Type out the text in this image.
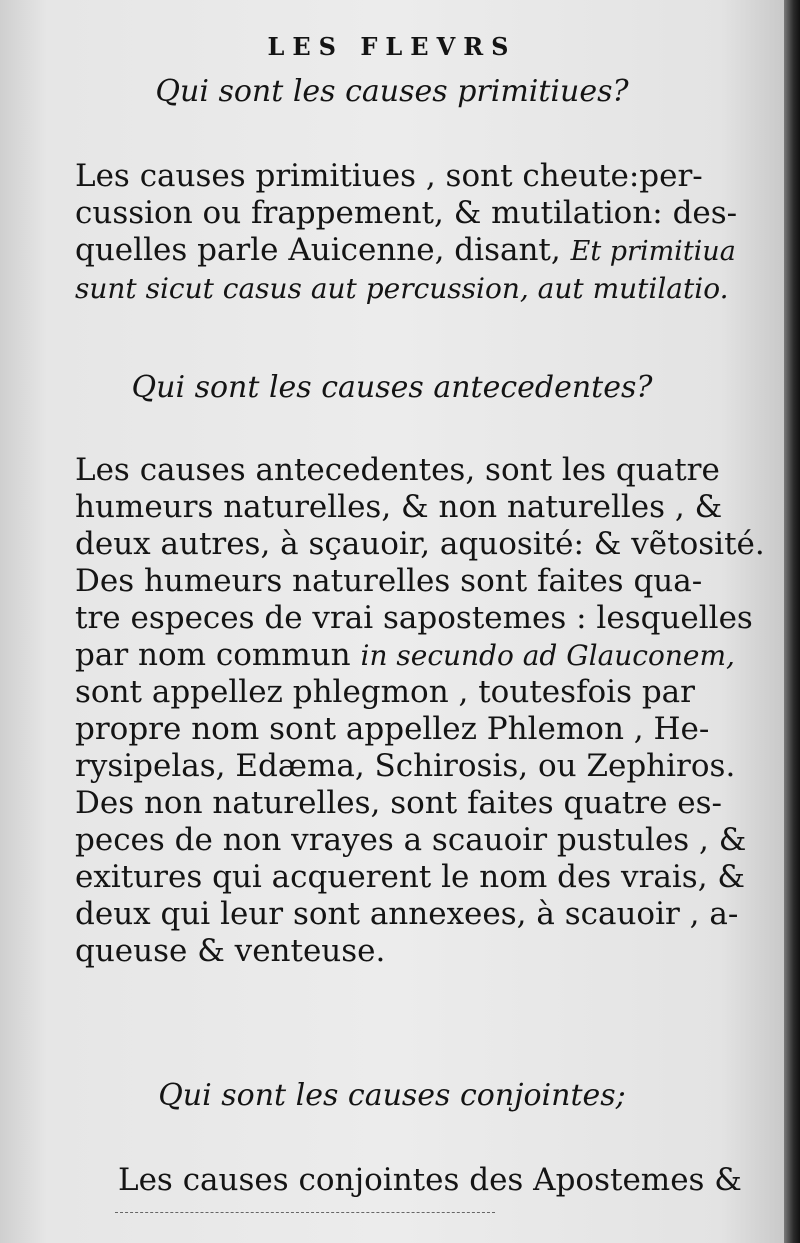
LES FLEVRS
Qui sont les causes primitiues?
Les causes primitiues , sont cheute:per-
cussion ou frappement, & mutilation: des-
quelles parle Auicenne, disant, Et primitiua
sunt sicut casus aut percussion, aut mutilatio.
Qui sont les causes antecedentes?
Les causes antecedentes, sont les quatre
humeurs naturelles, & non naturelles , &
deux autres, à sçauoir, aquosité: & vẽtosité.
Des humeurs naturelles sont faites qua-
tre especes de vrai sapostemes : lesquelles
par nom commun in secundo ad Glauconem,
sont appellez phlegmon , toutesfois par
propre nom sont appellez Phlemon , He-
rysipelas, Edæma, Schirosis, ou Zephiros.
Des non naturelles, sont faites quatre es-
peces de non vrayes a scauoir pustules , &
exitures qui acquerent le nom des vrais, &
deux qui leur sont annexees, à scauoir , a-
queuse & venteuse.
Qui sont les causes conjointes;
Les causes conjointes des Apostemes &
